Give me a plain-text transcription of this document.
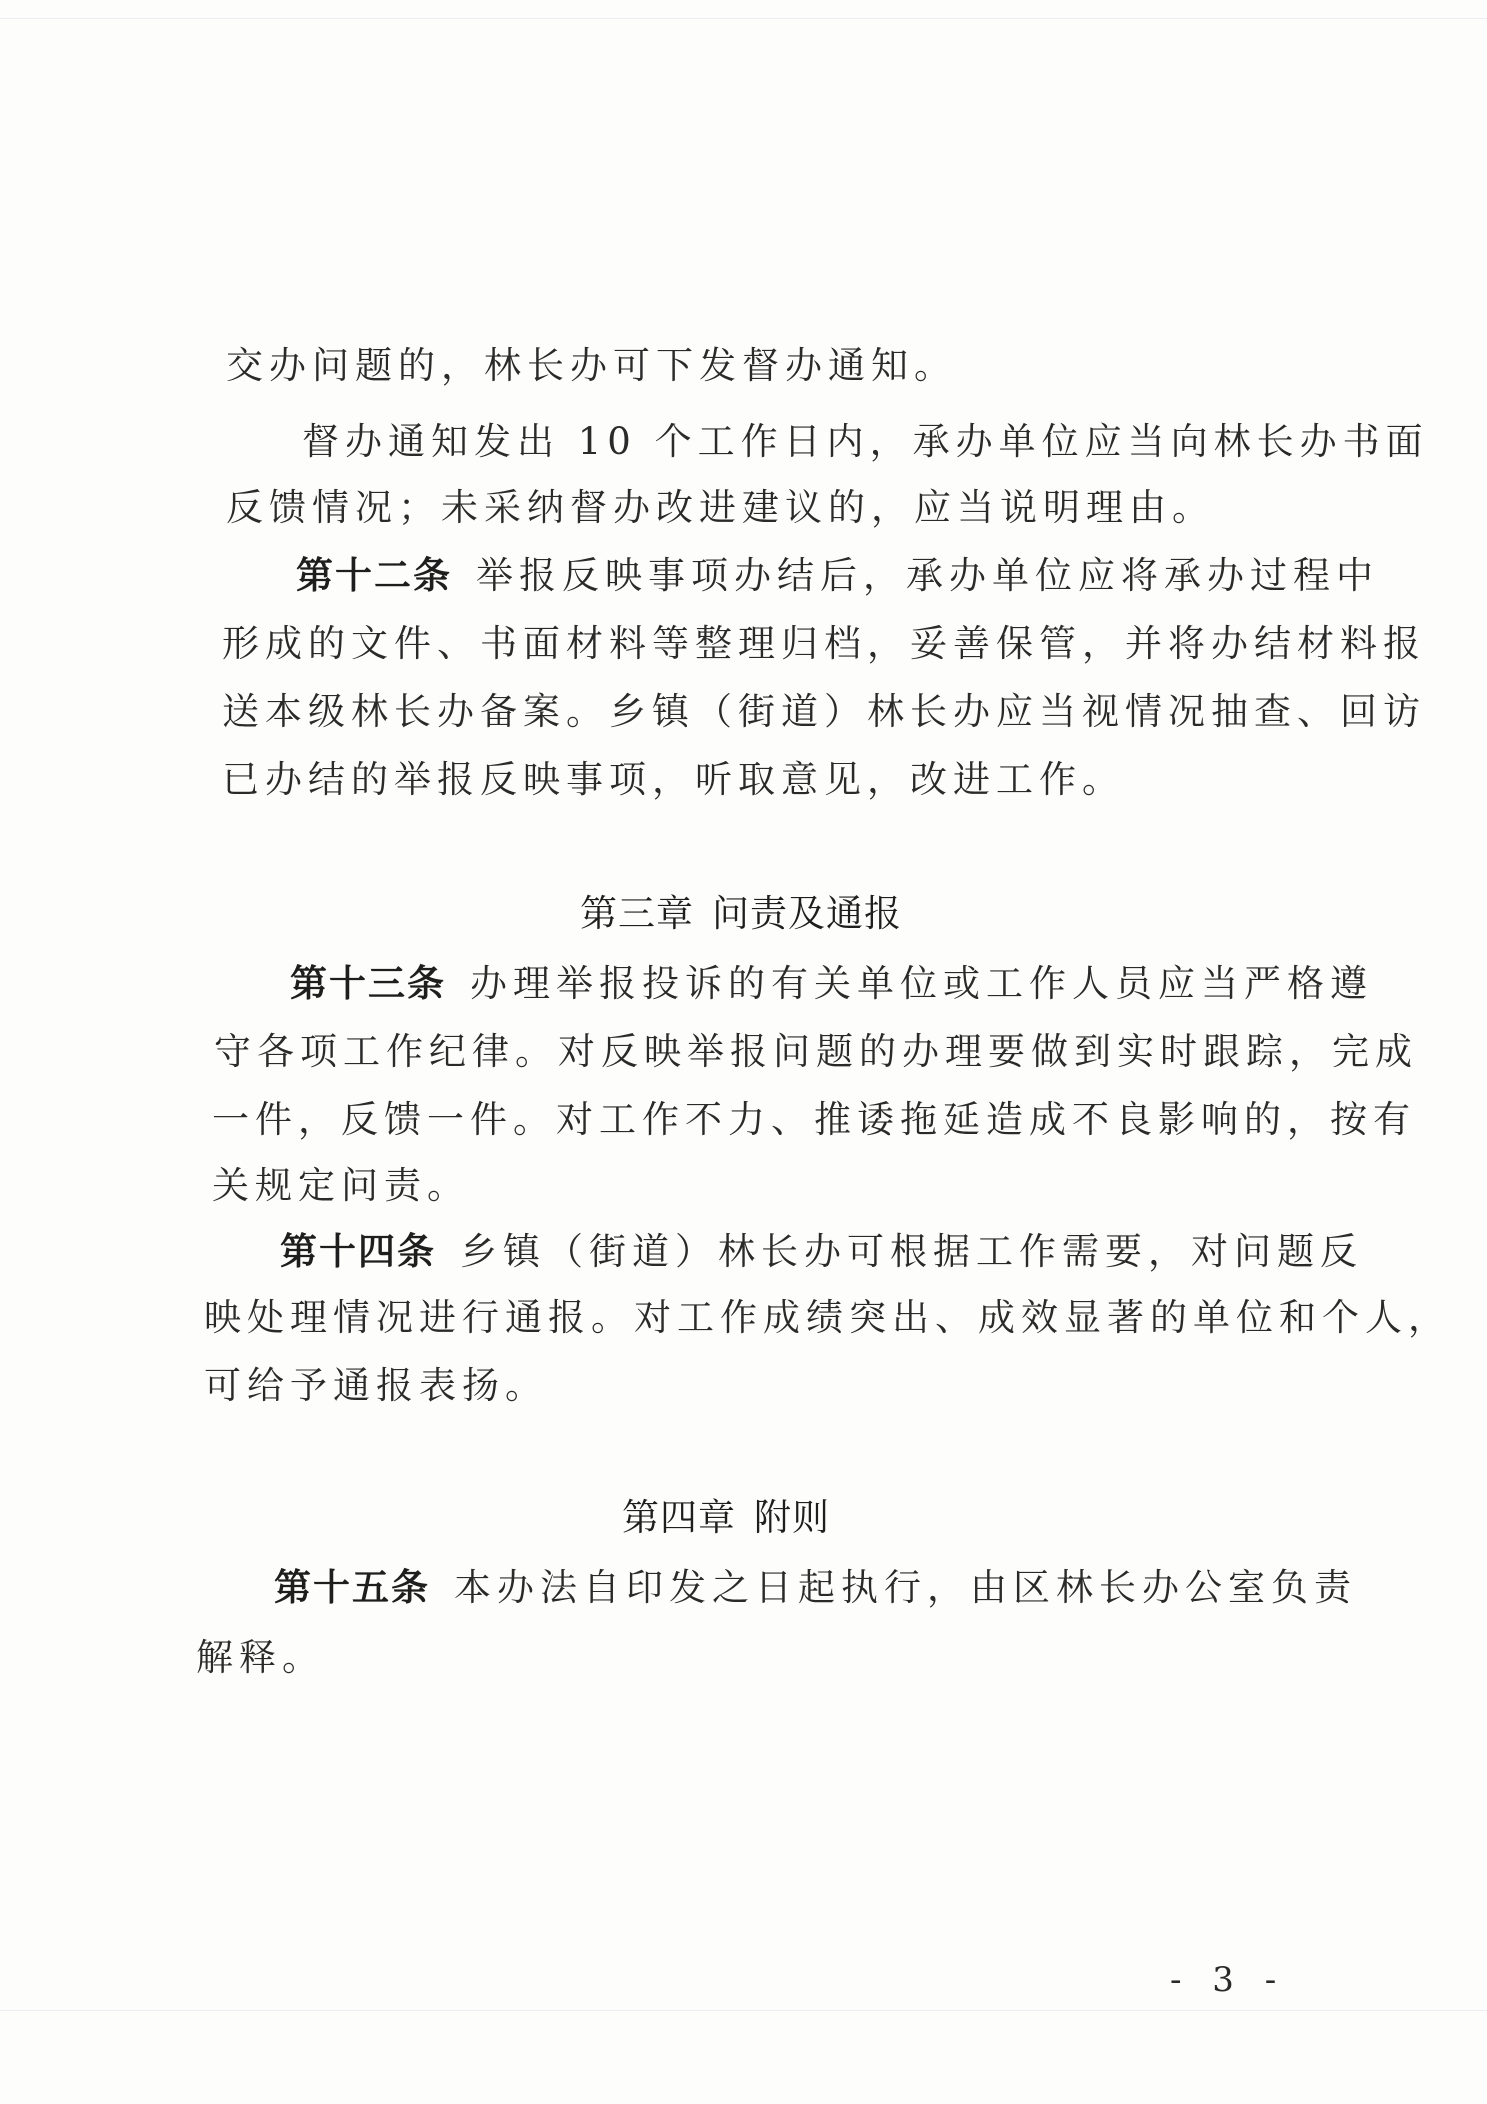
交办问题的，林长办可下发督办通知。
督办通知发出 10 个工作日内，承办单位应当向林长办书面
反馈情况；未采纳督办改进建议的，应当说明理由。
第十二条 举报反映事项办结后，承办单位应将承办过程中
形成的文件、书面材料等整理归档，妥善保管，并将办结材料报
送本级林长办备案。乡镇（街道）林长办应当视情况抽查、回访
已办结的举报反映事项，听取意见，改进工作。
第三章 问责及通报
第十三条 办理举报投诉的有关单位或工作人员应当严格遵
守各项工作纪律。对反映举报问题的办理要做到实时跟踪，完成
一件，反馈一件。对工作不力、推诿拖延造成不良影响的，按有
关规定问责。
第十四条 乡镇（街道）林长办可根据工作需要，对问题反
映处理情况进行通报。对工作成绩突出、成效显著的单位和个人，
可给予通报表扬。
第四章 附则
第十五条 本办法自印发之日起执行，由区林长办公室负责
解释。
- 3 -
